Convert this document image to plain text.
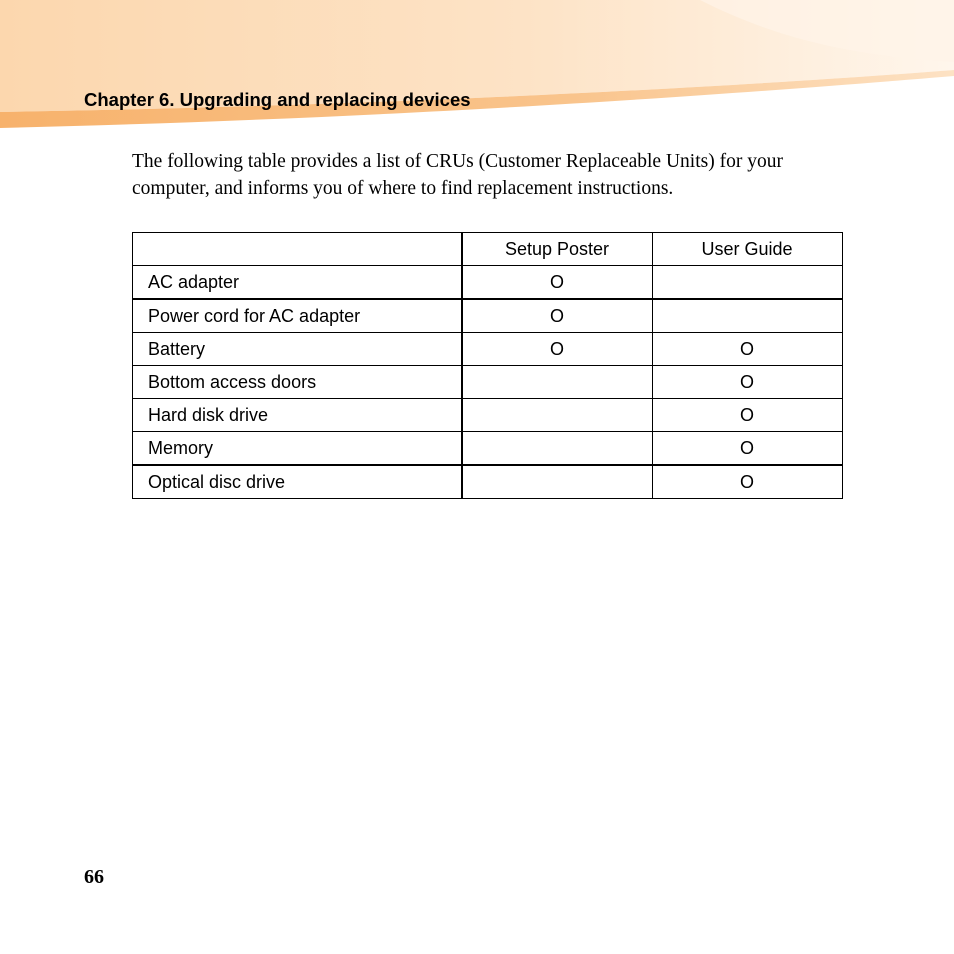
Chapter 6. Upgrading and replacing devices
The following table provides a list of CRUs (Customer Replaceable Units) for your computer, and informs you of where to find replacement instructions.
	Setup Poster	User Guide
AC adapter	O	
Power cord for AC adapter	O	
Battery	O	O
Bottom access doors		O
Hard disk drive		O
Memory		O
Optical disc drive		O
66
